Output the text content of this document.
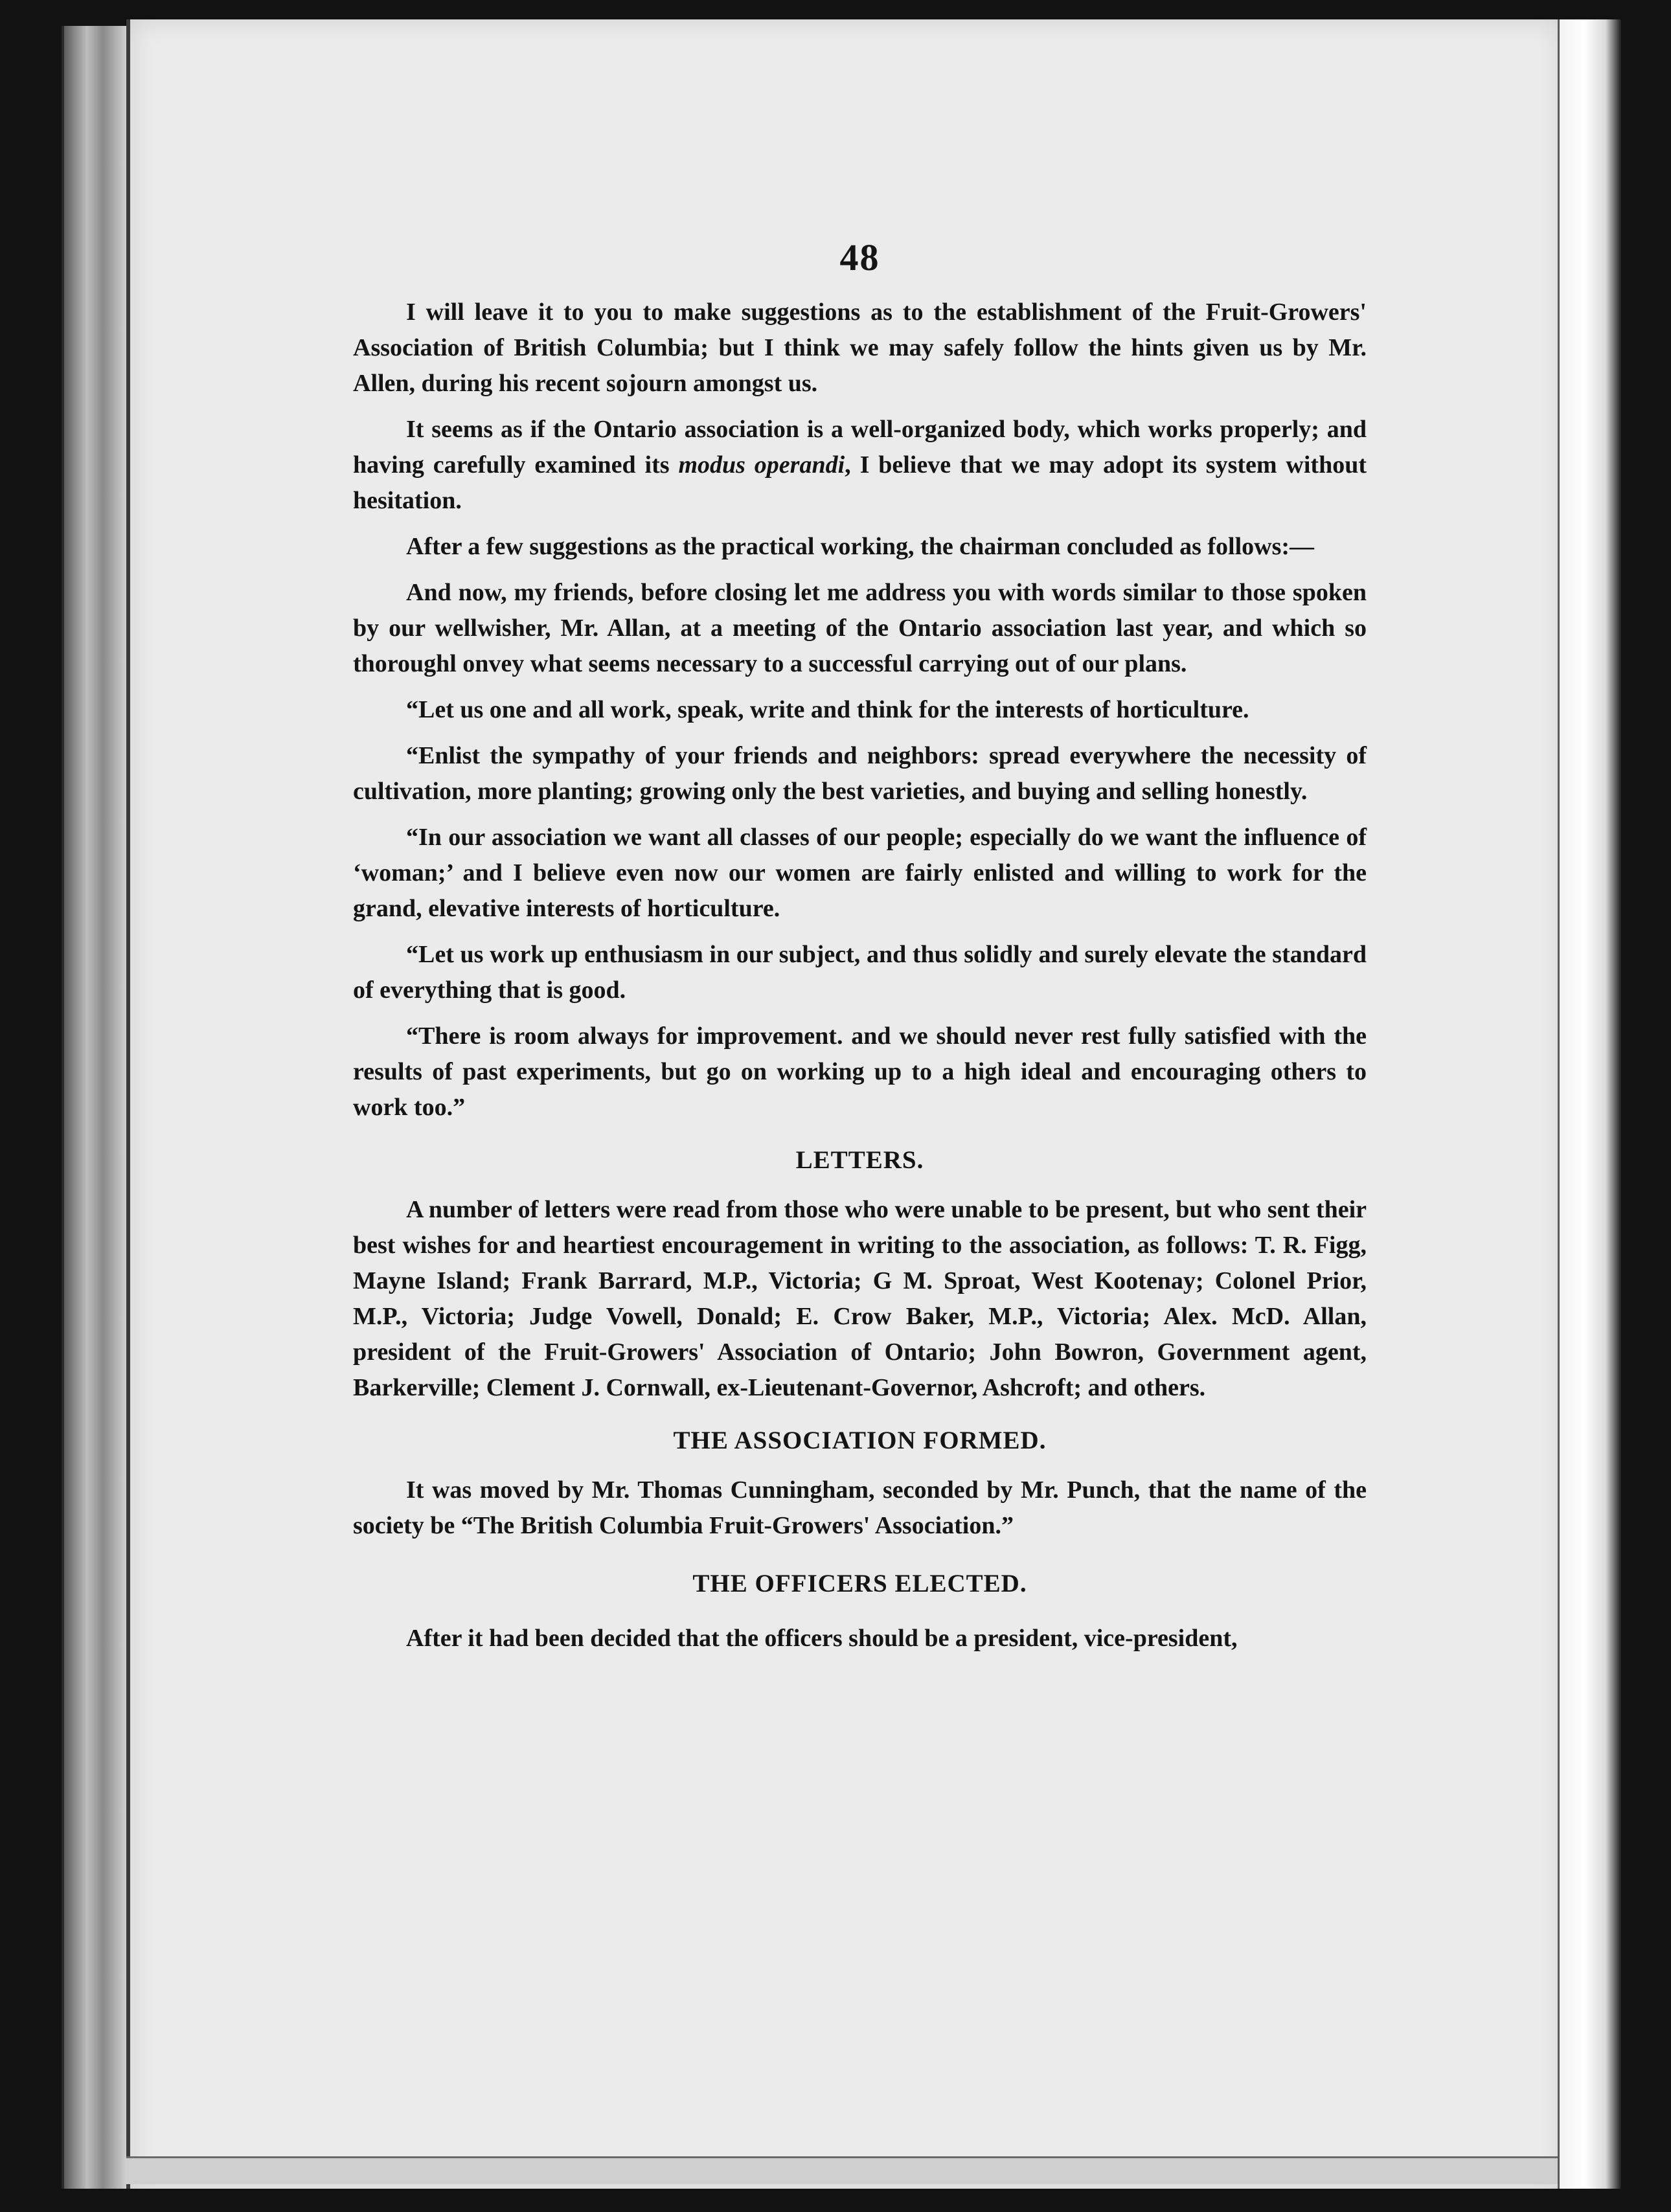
48

I will leave it to you to make suggestions as to the establishment of the Fruit-Growers' Association of British Columbia; but I think we may safely follow the hints given us by Mr. Allen, during his recent sojourn amongst us.

It seems as if the Ontario association is a well-organized body, which works properly; and having carefully examined its modus operandi, I believe that we may adopt its system without hesitation.

After a few suggestions as the practical working, the chairman concluded as follows:—

And now, my friends, before closing let me address you with words similar to those spoken by our wellwisher, Mr. Allan, at a meeting of the Ontario association last year, and which so thoroughl onvey what seems necessary to a successful carrying out of our plans.

“Let us one and all work, speak, write and think for the interests of horticulture.

“Enlist the sympathy of your friends and neighbors: spread everywhere the necessity of cultivation, more planting; growing only the best varieties, and buying and selling honestly.

“In our association we want all classes of our people; especially do we want the influence of ‘woman;’ and I believe even now our women are fairly enlisted and willing to work for the grand, elevative interests of horticulture.

“Let us work up enthusiasm in our subject, and thus solidly and surely elevate the standard of everything that is good.

“There is room always for improvement. and we should never rest fully satisfied with the results of past experiments, but go on working up to a high ideal and encouraging others to work too.”

LETTERS.

A number of letters were read from those who were unable to be present, but who sent their best wishes for and heartiest encouragement in writing to the association, as follows: T. R. Figg, Mayne Island; Frank Barrard, M.P., Victoria; G M. Sproat, West Kootenay; Colonel Prior, M.P., Victoria; Judge Vowell, Donald; E. Crow Baker, M.P., Victoria; Alex. McD. Allan, president of the Fruit-Growers' Association of Ontario; John Bowron, Government agent, Barkerville; Clement J. Cornwall, ex-Lieutenant-Governor, Ashcroft; and others.

THE ASSOCIATION FORMED.

It was moved by Mr. Thomas Cunningham, seconded by Mr. Punch, that the name of the society be “The British Columbia Fruit-Growers' Association.”

THE OFFICERS ELECTED.

After it had been decided that the officers should be a president, vice-president,
